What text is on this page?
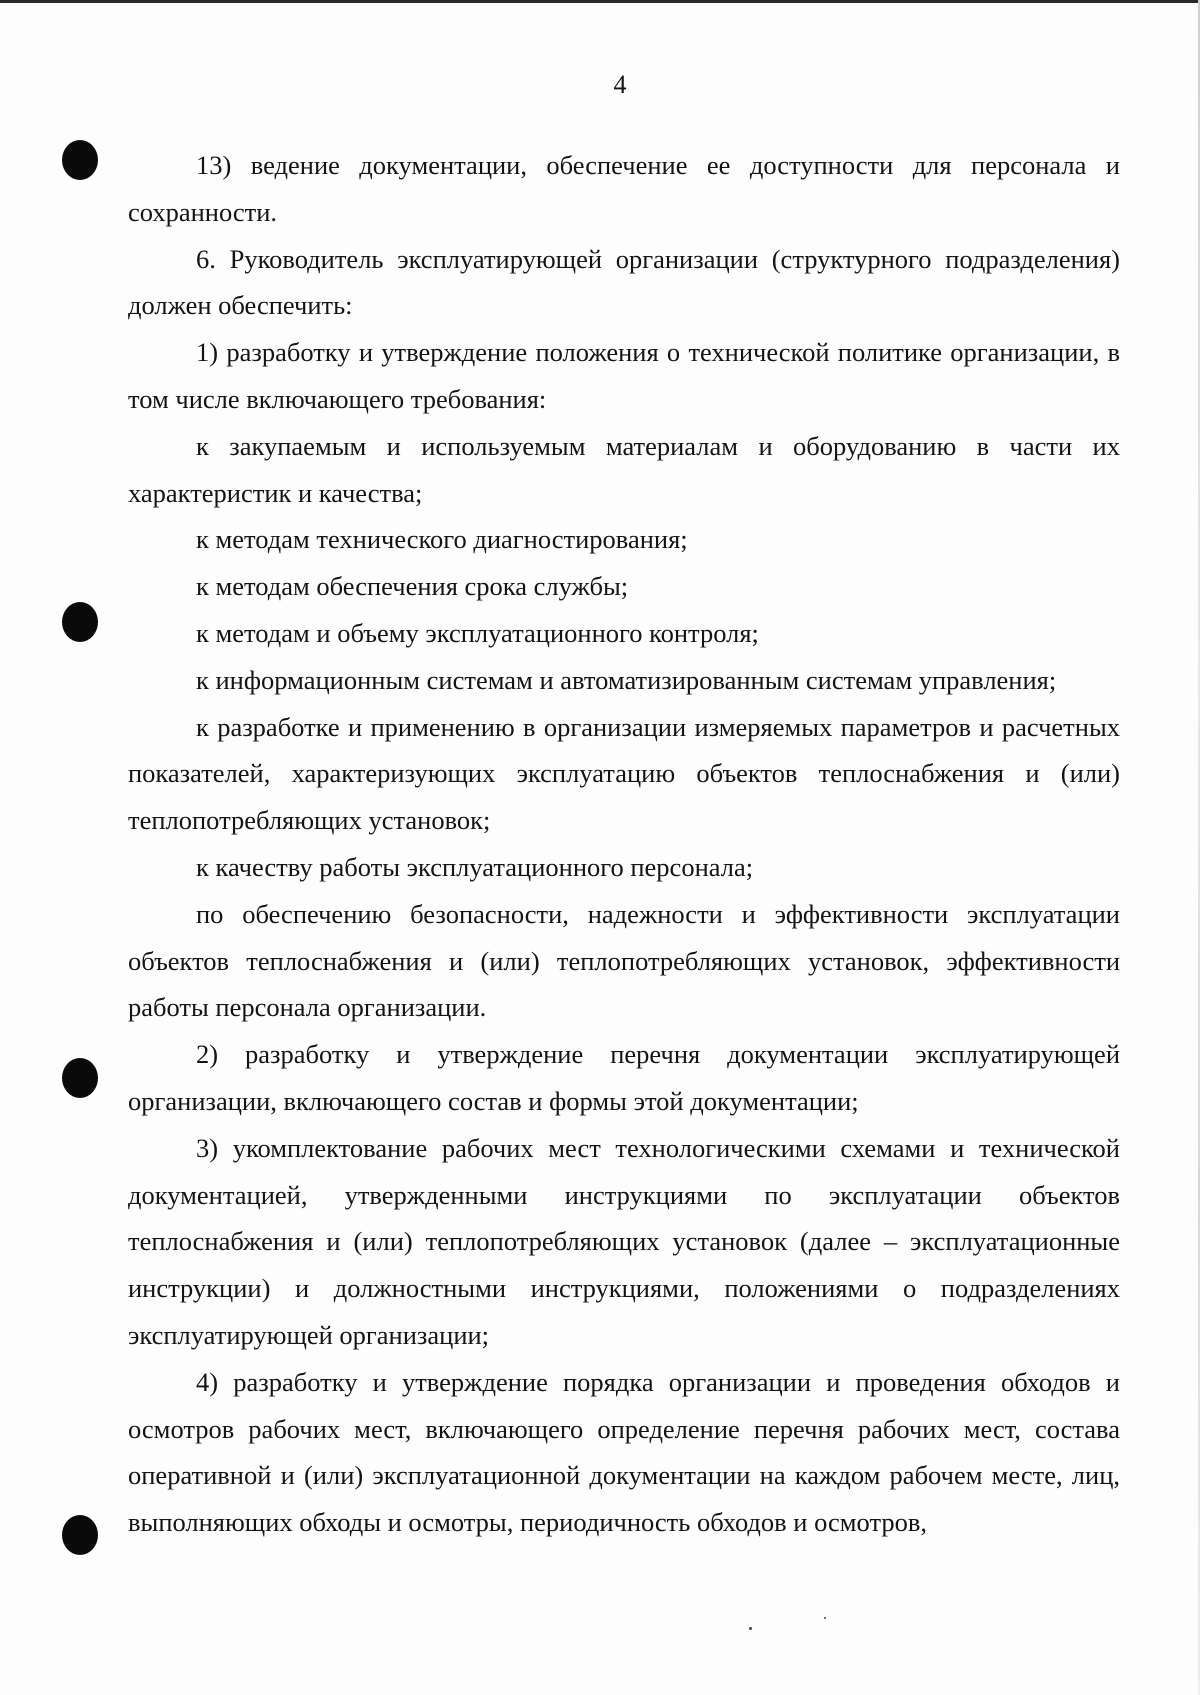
4

13) ведение документации, обеспечение ее доступности для персонала и сохранности.

6. Руководитель эксплуатирующей организации (структурного подразделения) должен обеспечить:

1) разработку и утверждение положения о технической политике организации, в том числе включающего требования:

к закупаемым и используемым материалам и оборудованию в части их характеристик и качества;

к методам технического диагностирования;

к методам обеспечения срока службы;

к методам и объему эксплуатационного контроля;

к информационным системам и автоматизированным системам управления;

к разработке и применению в организации измеряемых параметров и расчетных показателей, характеризующих эксплуатацию объектов теплоснабжения и (или) теплопотребляющих установок;

к качеству работы эксплуатационного персонала;

по обеспечению безопасности, надежности и эффективности эксплуатации объектов теплоснабжения и (или) теплопотребляющих установок, эффективности работы персонала организации.

2) разработку и утверждение перечня документации эксплуатирующей организации, включающего состав и формы этой документации;

3) укомплектование рабочих мест технологическими схемами и технической документацией, утвержденными инструкциями по эксплуатации объектов теплоснабжения и (или) теплопотребляющих установок (далее – эксплуатационные инструкции) и должностными инструкциями, положениями о подразделениях эксплуатирующей организации;

4) разработку и утверждение порядка организации и проведения обходов и осмотров рабочих мест, включающего определение перечня рабочих мест, состава оперативной и (или) эксплуатационной документации на каждом рабочем месте, лиц, выполняющих обходы и осмотры, периодичность обходов и осмотров,
